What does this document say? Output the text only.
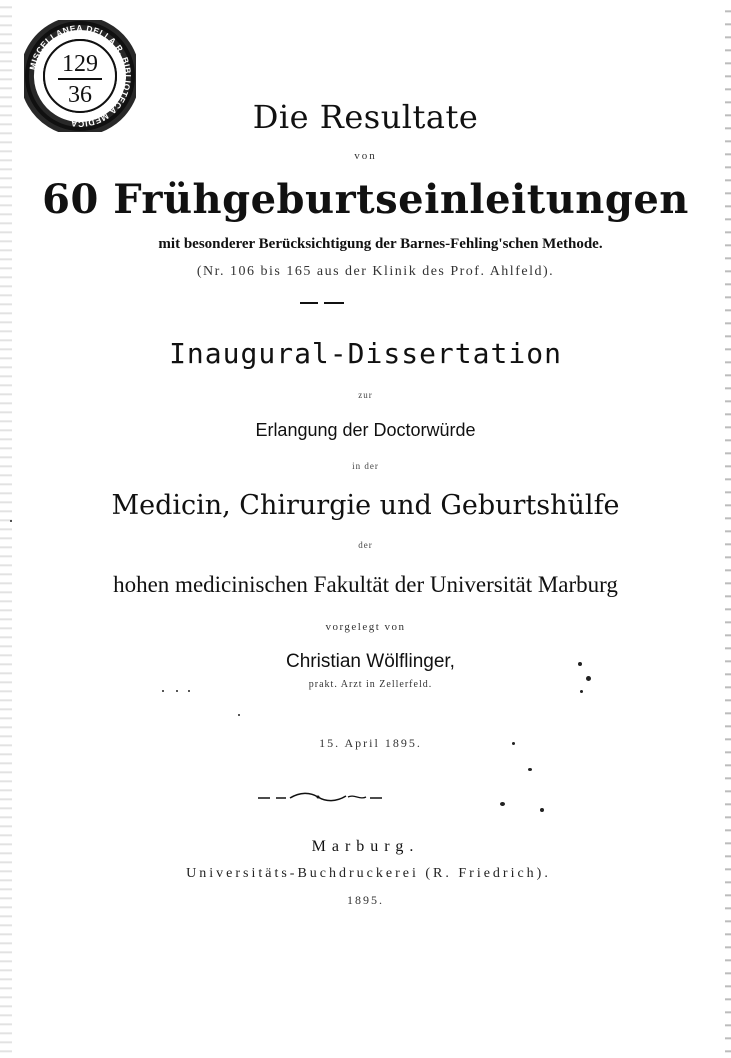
MISCELLANEA DELLA R. BIBLIOTECA MEDICA
129
36
Die Resultate
von
60 Frühgeburtseinleitungen
mit besonderer Berücksichtigung der Barnes-Fehling'schen Methode.
(Nr. 106 bis 165 aus der Klinik des Prof. Ahlfeld).
Inaugural-Dissertation
zur
Erlangung der Doctorwürde
in der
Medicin, Chirurgie und Geburtshülfe
der
hohen medicinischen Fakultät der Universität Marburg
vorgelegt von
Christian Wölflinger,
prakt. Arzt in Zellerfeld.
15. April 1895.
Marburg.
Universitäts-Buchdruckerei (R. Friedrich).
1895.
